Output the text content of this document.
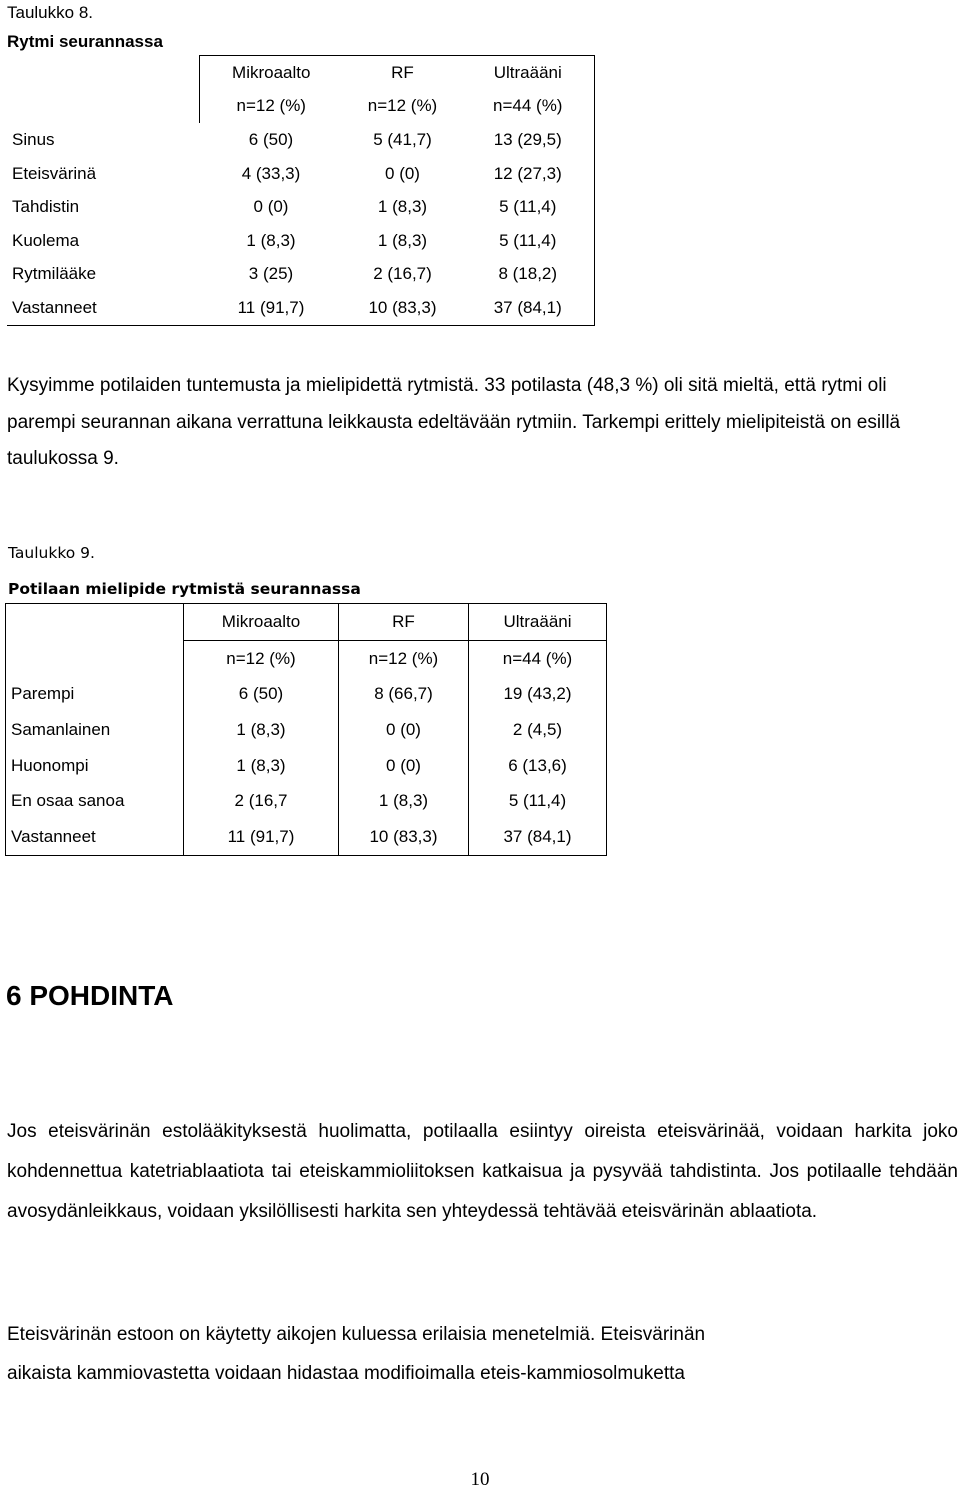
Taulukko 8.
Rytmi seurannassa
	Mikroaalto	RF	Ultraääni
	n=12 (%)	n=12 (%)	n=44 (%)
Sinus	6 (50)	5 (41,7)	13 (29,5)
Eteisvärinä	4 (33,3)	0 (0)	12 (27,3)
Tahdistin	0 (0)	1 (8,3)	5 (11,4)
Kuolema	1 (8,3)	1 (8,3)	5 (11,4)
Rytmilääke	3 (25)	2 (16,7)	8 (18,2)
Vastanneet	11 (91,7)	10 (83,3)	37 (84,1)
Kysyimme potilaiden tuntemusta ja mielipidettä rytmistä. 33 potilasta (48,3 %) oli sitä mieltä, että rytmi oli parempi seurannan aikana verrattuna leikkausta edeltävään rytmiin. Tarkempi erittely mielipiteistä on esillä taulukossa 9.
Taulukko 9.
Potilaan mielipide rytmistä seurannassa
	Mikroaalto	RF	Ultraääni
	n=12 (%)	n=12 (%)	n=44 (%)
Parempi	6 (50)	8 (66,7)	19 (43,2)
Samanlainen	1 (8,3)	0 (0)	2 (4,5)
Huonompi	1 (8,3)	0 (0)	6 (13,6)
En osaa sanoa	2 (16,7	1 (8,3)	5 (11,4)
Vastanneet	11 (91,7)	10 (83,3)	37 (84,1)
6 POHDINTA
Jos eteisvärinän estolääkityksestä huolimatta, potilaalla esiintyy oireista eteisvärinää, voidaan harkita joko kohdennettua katetriablaatiota tai eteiskammioliitoksen katkaisua ja pysyvää tahdistinta. Jos potilaalle tehdään avosydänleikkaus, voidaan yksilöllisesti harkita sen yhteydessä tehtävää eteisvärinän ablaatiota.
Eteisvärinän estoon on käytetty aikojen kuluessa erilaisia menetelmiä. Eteisvärinän
aikaista kammiovastetta voidaan hidastaa modifioimalla eteis-kammiosolmukettа
10
